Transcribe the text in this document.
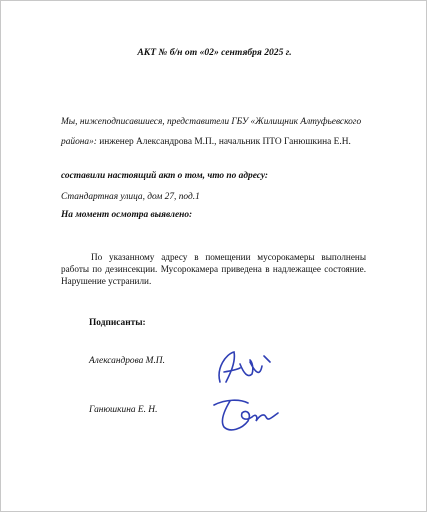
АКТ № б/н от «02» сентября 2025 г.
Мы, нижеподписавшиеся, представители ГБУ «Жилищник Алтуфьевского района»: инженер Александрова М.П., начальник ПТО Ганюшкина Е.Н.
составили настоящий акт о том, что по адресу:
Стандартная улица, дом 27, под.1
На момент осмотра выявлено:
По указанному адресу в помещении мусорокамеры выполнены работы по дезинсекции. Мусорокамера приведена в надлежащее состояние. Нарушение устранили.
Подписанты:
Александрова М.П.
Ганюшкина Е. Н.
